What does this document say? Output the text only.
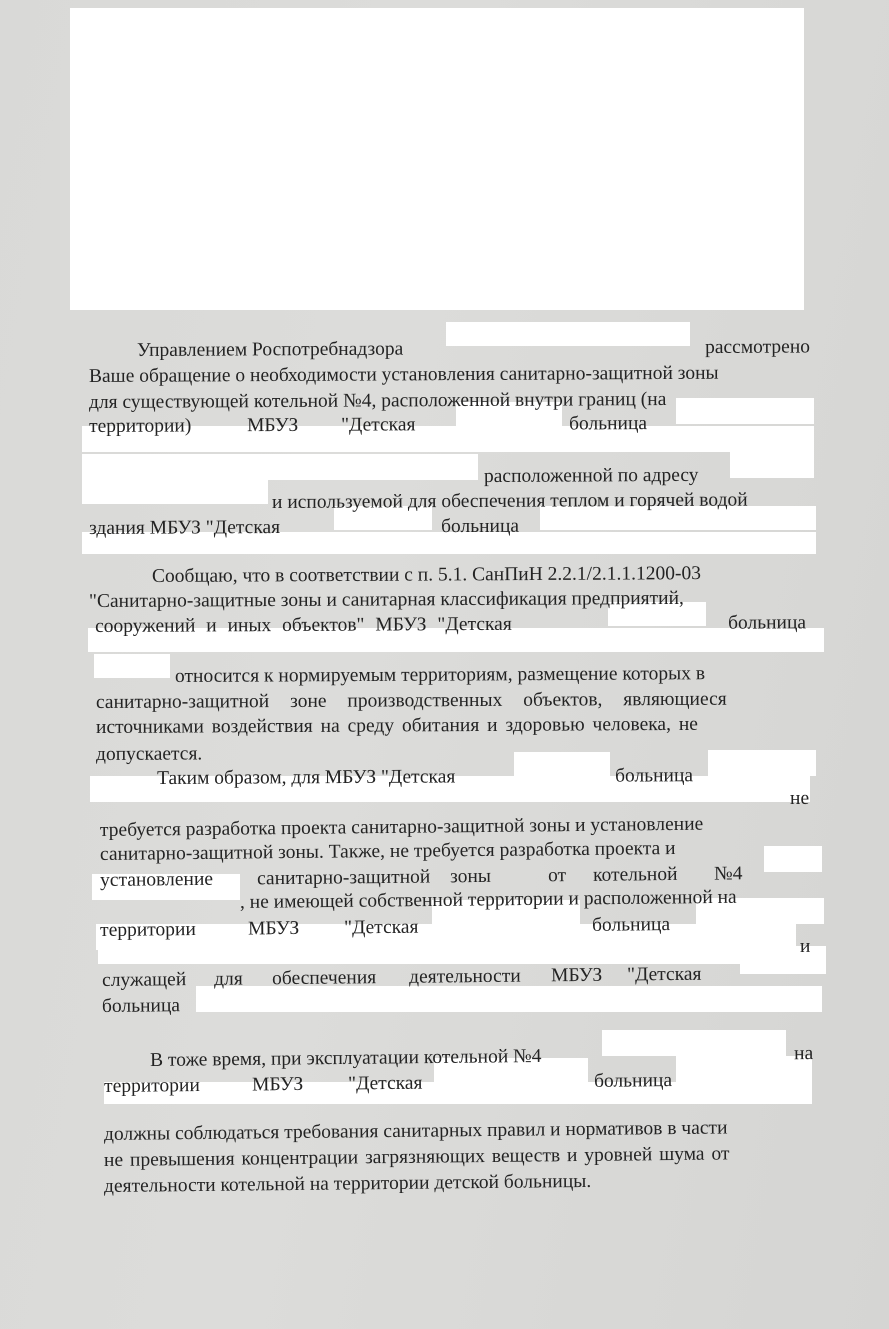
Управлением Роспотребнадзора	рассмотрено
Ваше обращение о необходимости установления санитарно-защитной зоны
для существующей котельной №4, расположенной внутри границ (на
территории)	МБУЗ "Детская	больница
расположенной по адресу
и используемой для обеспечения теплом и горячей водой
здания МБУЗ "Детская	больница
Сообщаю, что в соответствии с п. 5.1. СанПиН 2.2.1/2.1.1.1200-03
"Санитарно-защитные зоны и санитарная классификация предприятий,
сооружений и иных объектов" МБУЗ "Детская	больница
относится к нормируемым территориям, размещение которых в
санитарно-защитной зоне производственных объектов, являющиеся
источниками воздействия на среду обитания и здоровью человека, не
допускается.
Таким образом, для МБУЗ "Детская	больница
не
требуется разработка проекта санитарно-защитной зоны и установление
санитарно-защитной зоны. Также, не требуется разработка проекта и
установление санитарно-защитной зоны	от котельной №4
, не имеющей собственной территории и расположенной на
территории	МБУЗ "Детская	больница
и
служащей для обеспечения деятельности МБУЗ "Детская
больница
В тоже время, при эксплуатации котельной №4	на
территории	МБУЗ "Детская	больница
должны соблюдаться требования санитарных правил и нормативов в части
не превышения концентрации загрязняющих веществ и уровней шума от
деятельности котельной на территории детской больницы.
